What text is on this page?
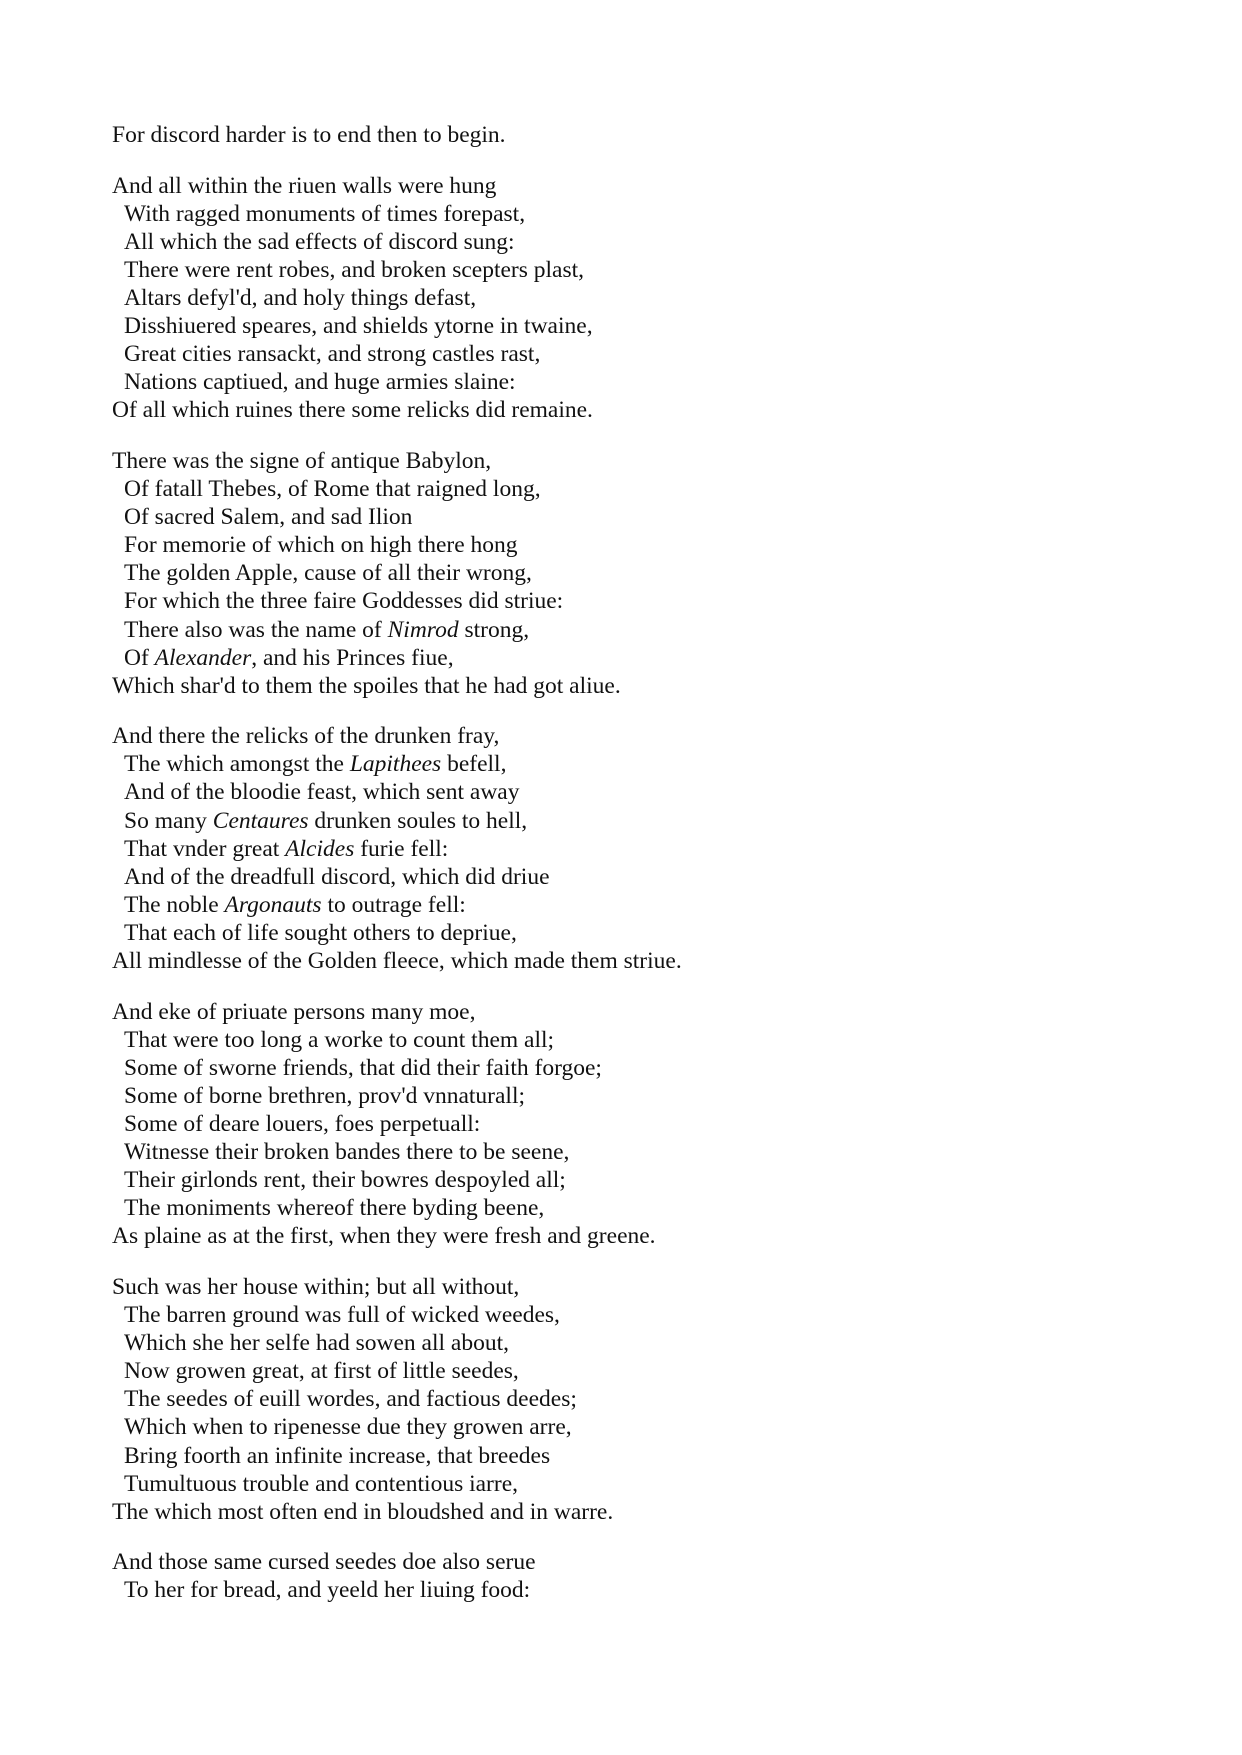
For discord harder is to end then to begin.
And all within the riuen walls were hung
With ragged monuments of times forepast,
All which the sad effects of discord sung:
There were rent robes, and broken scepters plast,
Altars defyl'd, and holy things defast,
Disshiuered speares, and shields ytorne in twaine,
Great cities ransackt, and strong castles rast,
Nations captiued, and huge armies slaine:
Of all which ruines there some relicks did remaine.
There was the signe of antique Babylon,
Of fatall Thebes, of Rome that raigned long,
Of sacred Salem, and sad Ilion
For memorie of which on high there hong
The golden Apple, cause of all their wrong,
For which the three faire Goddesses did striue:
There also was the name of Nimrod strong,
Of Alexander, and his Princes fiue,
Which shar'd to them the spoiles that he had got aliue.
And there the relicks of the drunken fray,
The which amongst the Lapithees befell,
And of the bloodie feast, which sent away
So many Centaures drunken soules to hell,
That vnder great Alcides furie fell:
And of the dreadfull discord, which did driue
The noble Argonauts to outrage fell:
That each of life sought others to depriue,
All mindlesse of the Golden fleece, which made them striue.
And eke of priuate persons many moe,
That were too long a worke to count them all;
Some of sworne friends, that did their faith forgoe;
Some of borne brethren, prov'd vnnaturall;
Some of deare louers, foes perpetuall:
Witnesse their broken bandes there to be seene,
Their girlonds rent, their bowres despoyled all;
The moniments whereof there byding beene,
As plaine as at the first, when they were fresh and greene.
Such was her house within; but all without,
The barren ground was full of wicked weedes,
Which she her selfe had sowen all about,
Now growen great, at first of little seedes,
The seedes of euill wordes, and factious deedes;
Which when to ripenesse due they growen arre,
Bring foorth an infinite increase, that breedes
Tumultuous trouble and contentious iarre,
The which most often end in bloudshed and in warre.
And those same cursed seedes doe also serue
To her for bread, and yeeld her liuing food:
